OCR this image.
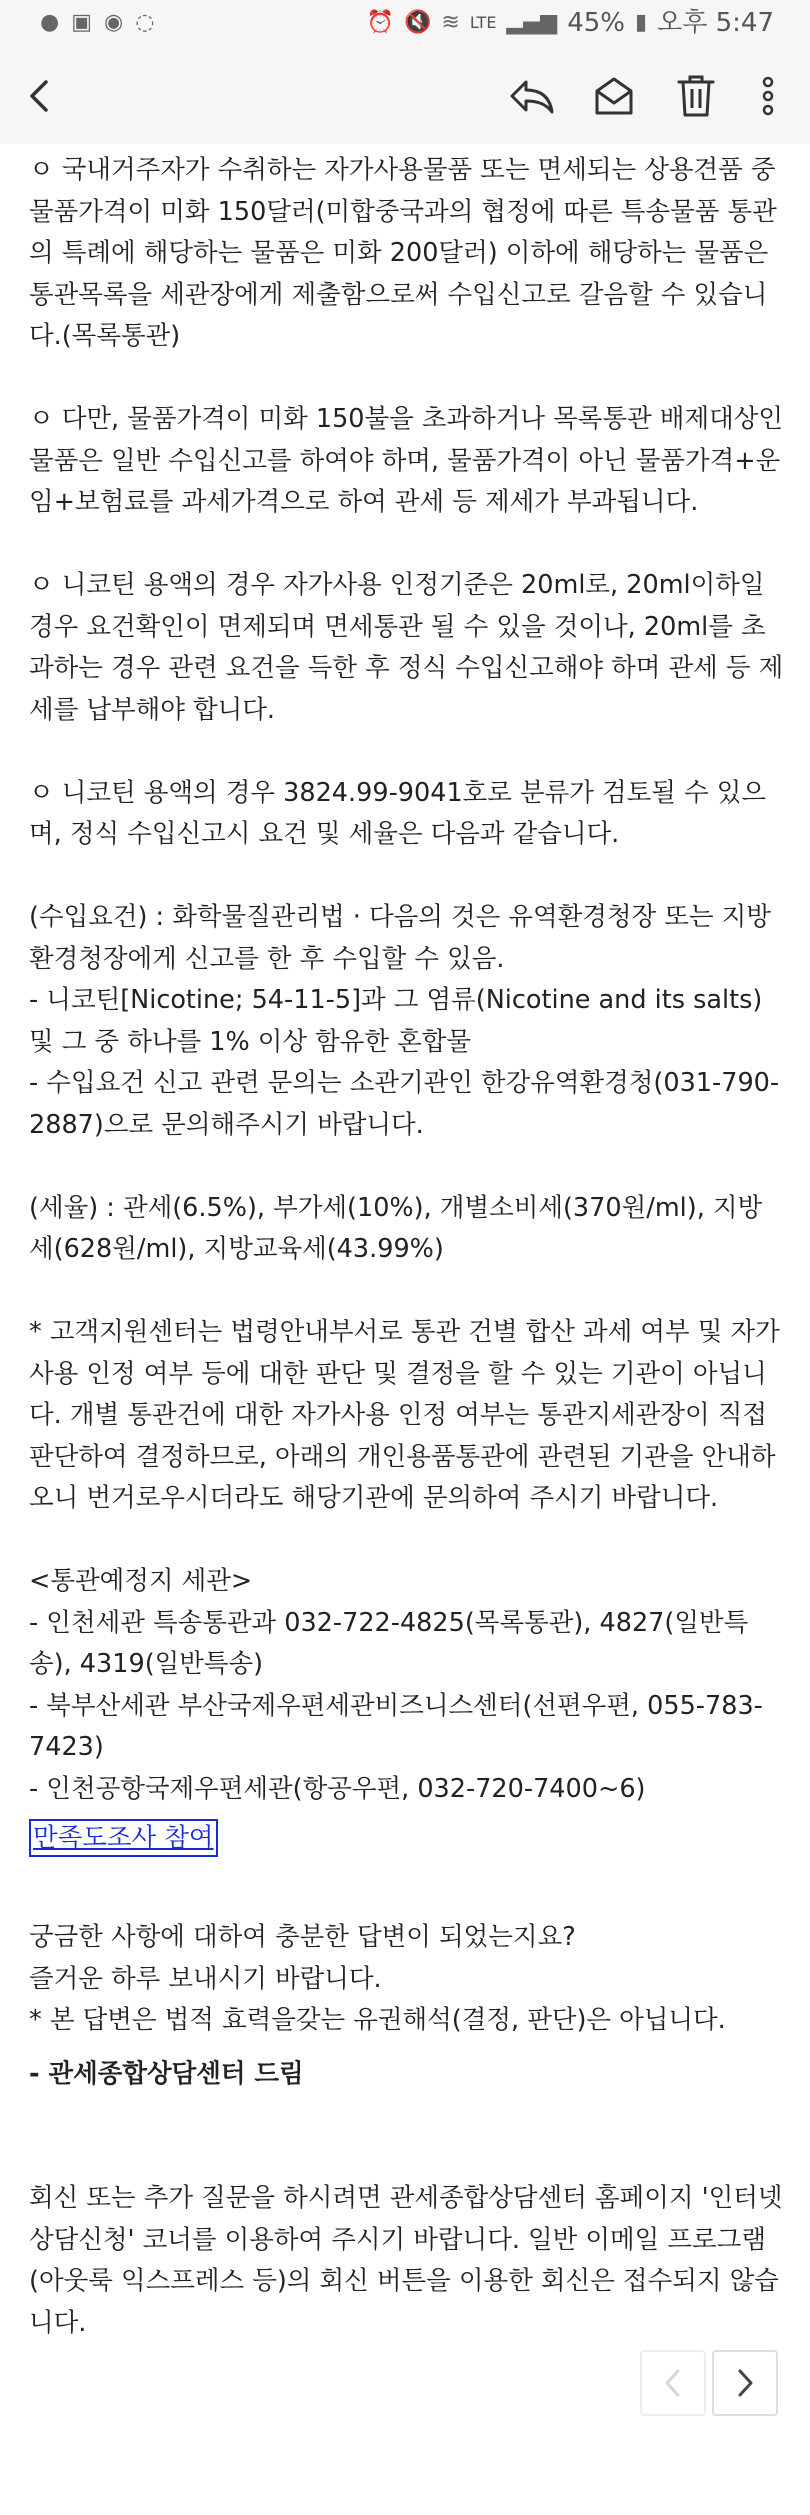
● ▣ ◉ ◌	⏰ 🔇 ≋ LTE ▂▄▆ 45% ▮ 오후 5:47

ㅇ 국내거주자가 수취하는 자가사용물품 또는 면세되는 상용견품 중 물품가격이 미화 150달러(미합중국과의 협정에 따른 특송물품 통관의 특례에 해당하는 물품은 미화 200달러) 이하에 해당하는 물품은 통관목록을 세관장에게 제출함으로써 수입신고로 갈음할 수 있습니다.(목록통관)

ㅇ 다만, 물품가격이 미화 150불을 초과하거나 목록통관 배제대상인 물품은 일반 수입신고를 하여야 하며, 물품가격이 아닌 물품가격+운임+보험료를 과세가격으로 하여 관세 등 제세가 부과됩니다.

ㅇ 니코틴 용액의 경우 자가사용 인정기준은 20ml로, 20ml이하일 경우 요건확인이 면제되며 면세통관 될 수 있을 것이나, 20ml를 초과하는 경우 관련 요건을 득한 후 정식 수입신고해야 하며 관세 등 제세를 납부해야 합니다.

ㅇ 니코틴 용액의 경우 3824.99-9041호로 분류가 검토될 수 있으며, 정식 수입신고시 요건 및 세율은 다음과 같습니다.

(수입요건) : 화학물질관리법 · 다음의 것은 유역환경청장 또는 지방환경청장에게 신고를 한 후 수입할 수 있음.

- 니코틴[Nicotine; 54-11-5]과 그 염류(Nicotine and its salts) 및 그 중 하나를 1% 이상 함유한 혼합물

- 수입요건 신고 관련 문의는 소관기관인 한강유역환경청(031-790-2887)으로 문의해주시기 바랍니다.

(세율) : 관세(6.5%), 부가세(10%), 개별소비세(370원/ml), 지방세(628원/ml), 지방교육세(43.99%)

* 고객지원센터는 법령안내부서로 통관 건별 합산 과세 여부 및 자가사용 인정 여부 등에 대한 판단 및 결정을 할 수 있는 기관이 아닙니다. 개별 통관건에 대한 자가사용 인정 여부는 통관지세관장이 직접 판단하여 결정하므로, 아래의 개인용품통관에 관련된 기관을 안내하오니 번거로우시더라도 해당기관에 문의하여 주시기 바랍니다.

<통관예정지 세관>

- 인천세관 특송통관과 032-722-4825(목록통관), 4827(일반특송), 4319(일반특송)

- 북부산세관 부산국제우편세관비즈니스센터(선편우편, 055-783-7423)

- 인천공항국제우편세관(항공우편, 032-720-7400~6)

만족도조사 참여

궁금한 사항에 대하여 충분한 답변이 되었는지요?

즐거운 하루 보내시기 바랍니다.

* 본 답변은 법적 효력을갖는 유권해석(결정, 판단)은 아닙니다.

- 관세종합상담센터 드림

회신 또는 추가 질문을 하시려면 관세종합상담센터 홈페이지 '인터넷상담신청' 코너를 이용하여 주시기 바랍니다. 일반 이메일 프로그램(아웃룩 익스프레스 등)의 회신 버튼을 이용한 회신은 접수되지 않습니다.
